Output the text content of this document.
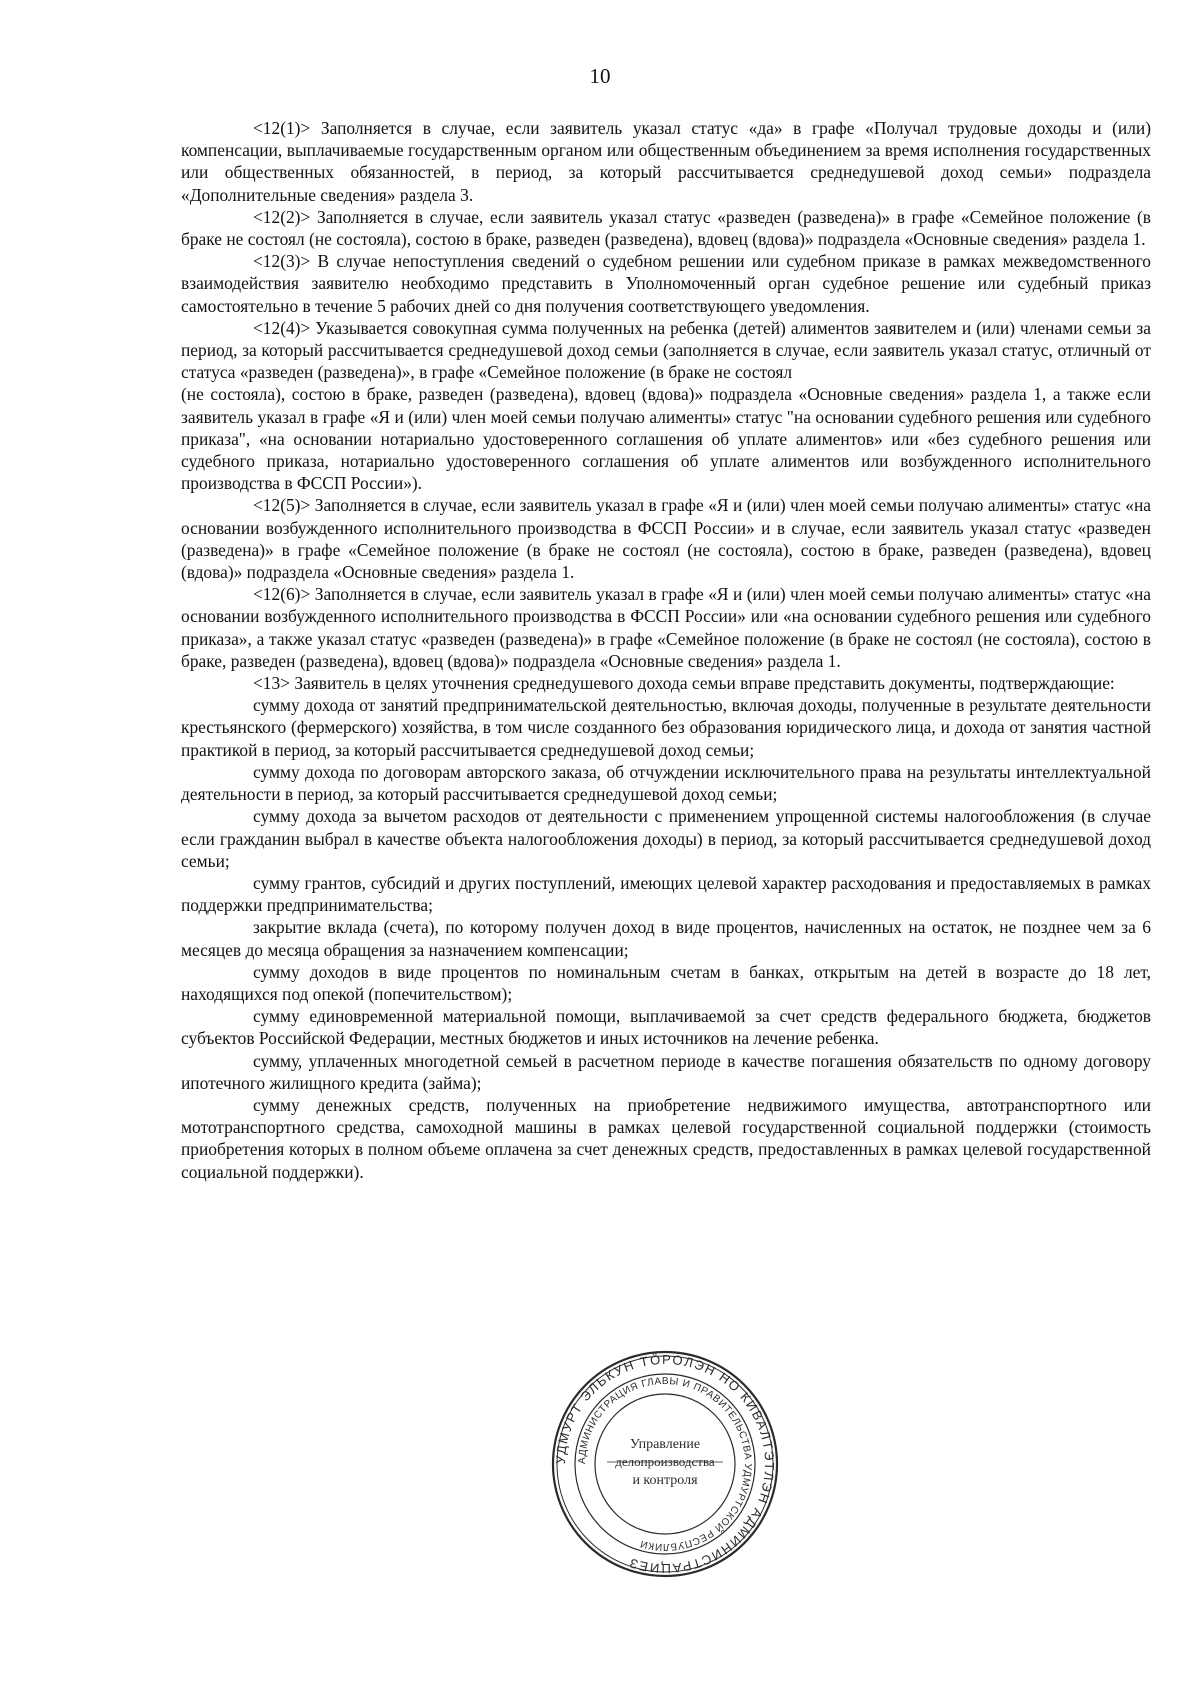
10

<12(1)> Заполняется в случае, если заявитель указал статус «да» в графе «Получал трудовые доходы и (или) компенсации, выплачиваемые государственным органом или общественным объединением за время исполнения государственных или общественных обязанностей, в период, за который рассчитывается среднедушевой доход семьи» подраздела «Дополнительные сведения» раздела 3.

<12(2)> Заполняется в случае, если заявитель указал статус «разведен (разведена)» в графе «Семейное положение (в браке не состоял (не состояла), состою в браке, разведен (разведена), вдовец (вдова)» подраздела «Основные сведения» раздела 1.

<12(3)> В случае непоступления сведений о судебном решении или судебном приказе в рамках межведомственного взаимодействия заявителю необходимо представить в Уполномоченный орган судебное решение или судебный приказ самостоятельно в течение 5 рабочих дней со дня получения соответствующего уведомления.

<12(4)> Указывается совокупная сумма полученных на ребенка (детей) алиментов заявителем и (или) членами семьи за период, за который рассчитывается среднедушевой доход семьи (заполняется в случае, если заявитель указал статус, отличный от статуса «разведен (разведена)», в графе «Семейное положение (в браке не состоял

(не состояла), состою в браке, разведен (разведена), вдовец (вдова)» подраздела «Основные сведения» раздела 1, а также если заявитель указал в графе «Я и (или) член моей семьи получаю алименты» статус "на основании судебного решения или судебного приказа", «на основании нотариально удостоверенного соглашения об уплате алиментов» или «без судебного решения или судебного приказа, нотариально удостоверенного соглашения об уплате алиментов или возбужденного исполнительного производства в ФССП России»).

<12(5)> Заполняется в случае, если заявитель указал в графе «Я и (или) член моей семьи получаю алименты» статус «на основании возбужденного исполнительного производства в ФССП России» и в случае, если заявитель указал статус «разведен (разведена)» в графе «Семейное положение (в браке не состоял (не состояла), состою в браке, разведен (разведена), вдовец (вдова)» подраздела «Основные сведения» раздела 1.

<12(6)> Заполняется в случае, если заявитель указал в графе «Я и (или) член моей семьи получаю алименты» статус «на основании возбужденного исполнительного производства в ФССП России» или «на основании судебного решения или судебного приказа», а также указал статус «разведен (разведена)» в графе «Семейное положение (в браке не состоял (не состояла), состою в браке, разведен (разведена), вдовец (вдова)» подраздела «Основные сведения» раздела 1.

<13> Заявитель в целях уточнения среднедушевого дохода семьи вправе представить документы, подтверждающие:

сумму дохода от занятий предпринимательской деятельностью, включая доходы, полученные в результате деятельности крестьянского (фермерского) хозяйства, в том числе созданного без образования юридического лица, и дохода от занятия частной практикой в период, за который рассчитывается среднедушевой доход семьи;

сумму дохода по договорам авторского заказа, об отчуждении исключительного права на результаты интеллектуальной деятельности в период, за который рассчитывается среднедушевой доход семьи;

сумму дохода за вычетом расходов от деятельности с применением упрощенной системы налогообложения (в случае если гражданин выбрал в качестве объекта налогообложения доходы) в период, за который рассчитывается среднедушевой доход семьи;

сумму грантов, субсидий и других поступлений, имеющих целевой характер расходования и предоставляемых в рамках поддержки предпринимательства;

закрытие вклада (счета), по которому получен доход в виде процентов, начисленных на остаток, не позднее чем за 6 месяцев до месяца обращения за назначением компенсации;

сумму доходов в виде процентов по номинальным счетам в банках, открытым на детей в возрасте до 18 лет, находящихся под опекой (попечительством);

сумму единовременной материальной помощи, выплачиваемой за счет средств федерального бюджета, бюджетов субъектов Российской Федерации, местных бюджетов и иных источников на лечение ребенка.

сумму, уплаченных многодетной семьей в расчетном периоде в качестве погашения обязательств по одному договору ипотечного жилищного кредита (займа);

сумму денежных средств, полученных на приобретение недвижимого имущества, автотранспортного или мототранспортного средства, самоходной машины в рамках целевой государственной социальной поддержки (стоимость приобретения которых в полном объеме оплачена за счет денежных средств, предоставленных в рамках целевой государственной социальной поддержки).

УДМУРТ ЭЛЬКУН ТӦРОЛЭН НО КИВАЛТЭТЛЭН АДМИНИСТРАЦИЕЗ
АДМИНИСТРАЦИЯ ГЛАВЫ И ПРАВИТЕЛЬСТВА УДМУРТСКОЙ РЕСПУБЛИКИ
Управление
делопроизводства
и контроля
